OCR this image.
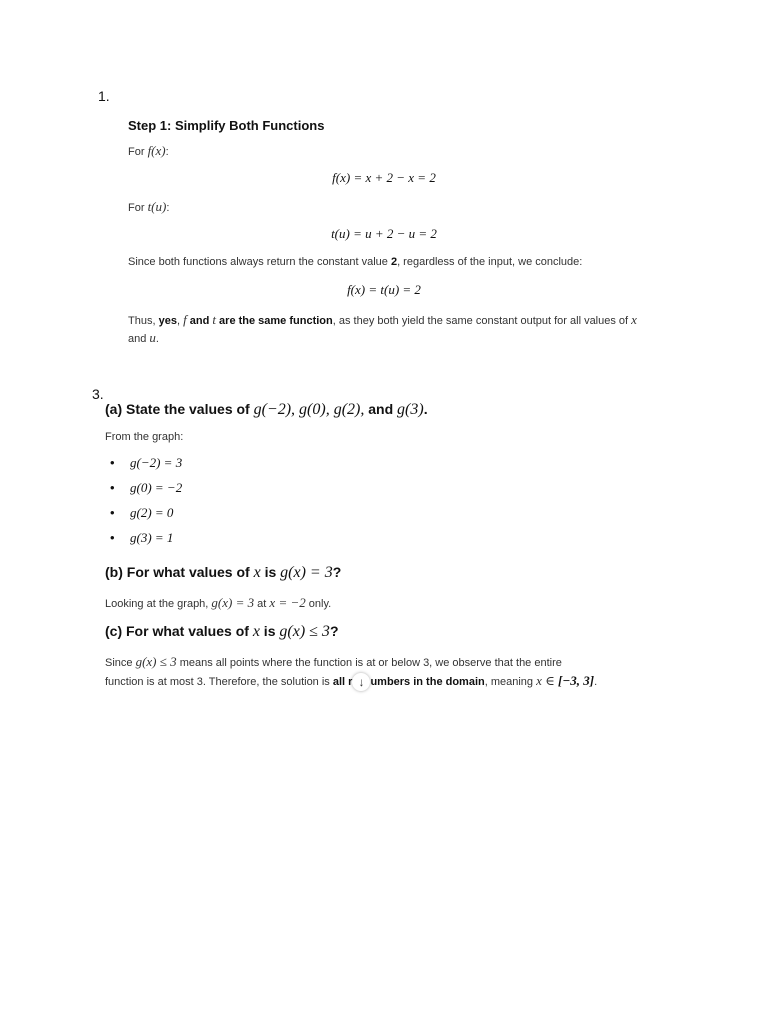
1.
Step 1: Simplify Both Functions
For f(x):
f(x) = x + 2 − x = 2
For t(u):
t(u) = u + 2 − u = 2
Since both functions always return the constant value 2, regardless of the input, we conclude:
f(x) = t(u) = 2
Thus, yes, f and t are the same function, as they both yield the same constant output for all values of x
and u.
3.
(a) State the values of g(−2), g(0), g(2), and g(3).
From the graph:
• g(−2) = 3
• g(0) = −2
• g(2) = 0
• g(3) = 1
(b) For what values of x is g(x) = 3?
Looking at the graph, g(x) = 3 at x = −2 only.
(c) For what values of x is g(x) ≤ 3?
Since g(x) ≤ 3 means all points where the function is at or below 3, we observe that the entire
function is at most 3. Therefore, the solution is all r ↓ umbers in the domain, meaning x ∈ [−3, 3].
